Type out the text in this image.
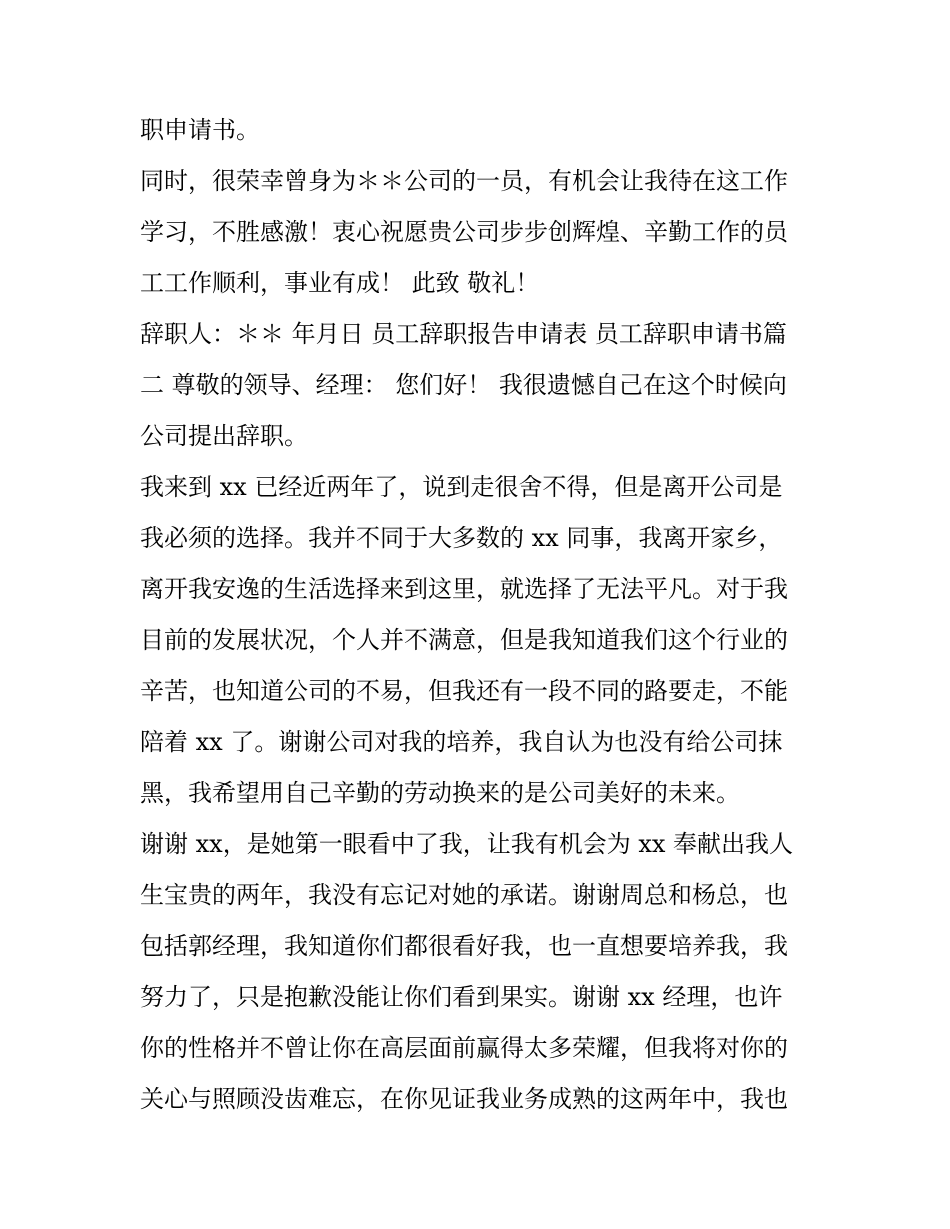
职申请书。
同时，很荣幸曾身为＊＊公司的一员，有机会让我待在这工作
学习，不胜感激！衷心祝愿贵公司步步创辉煌、辛勤工作的员
工工作顺利，事业有成！ 此致 敬礼！
辞职人：＊＊ 年月日 员工辞职报告申请表 员工辞职申请书篇
二 尊敬的领导、经理： 您们好！ 我很遗憾自己在这个时候向
公司提出辞职。
我来到 xx 已经近两年了，说到走很舍不得，但是离开公司是
我必须的选择。我并不同于大多数的 xx 同事，我离开家乡，
离开我安逸的生活选择来到这里，就选择了无法平凡。对于我
目前的发展状况，个人并不满意，但是我知道我们这个行业的
辛苦，也知道公司的不易，但我还有一段不同的路要走，不能
陪着 xx 了。谢谢公司对我的培养，我自认为也没有给公司抹
黑，我希望用自己辛勤的劳动换来的是公司美好的未来。
谢谢 xx，是她第一眼看中了我，让我有机会为 xx 奉献出我人
生宝贵的两年，我没有忘记对她的承诺。谢谢周总和杨总，也
包括郭经理，我知道你们都很看好我，也一直想要培养我，我
努力了，只是抱歉没能让你们看到果实。谢谢 xx 经理，也许
你的性格并不曾让你在高层面前赢得太多荣耀，但我将对你的
关心与照顾没齿难忘，在你见证我业务成熟的这两年中，我也
